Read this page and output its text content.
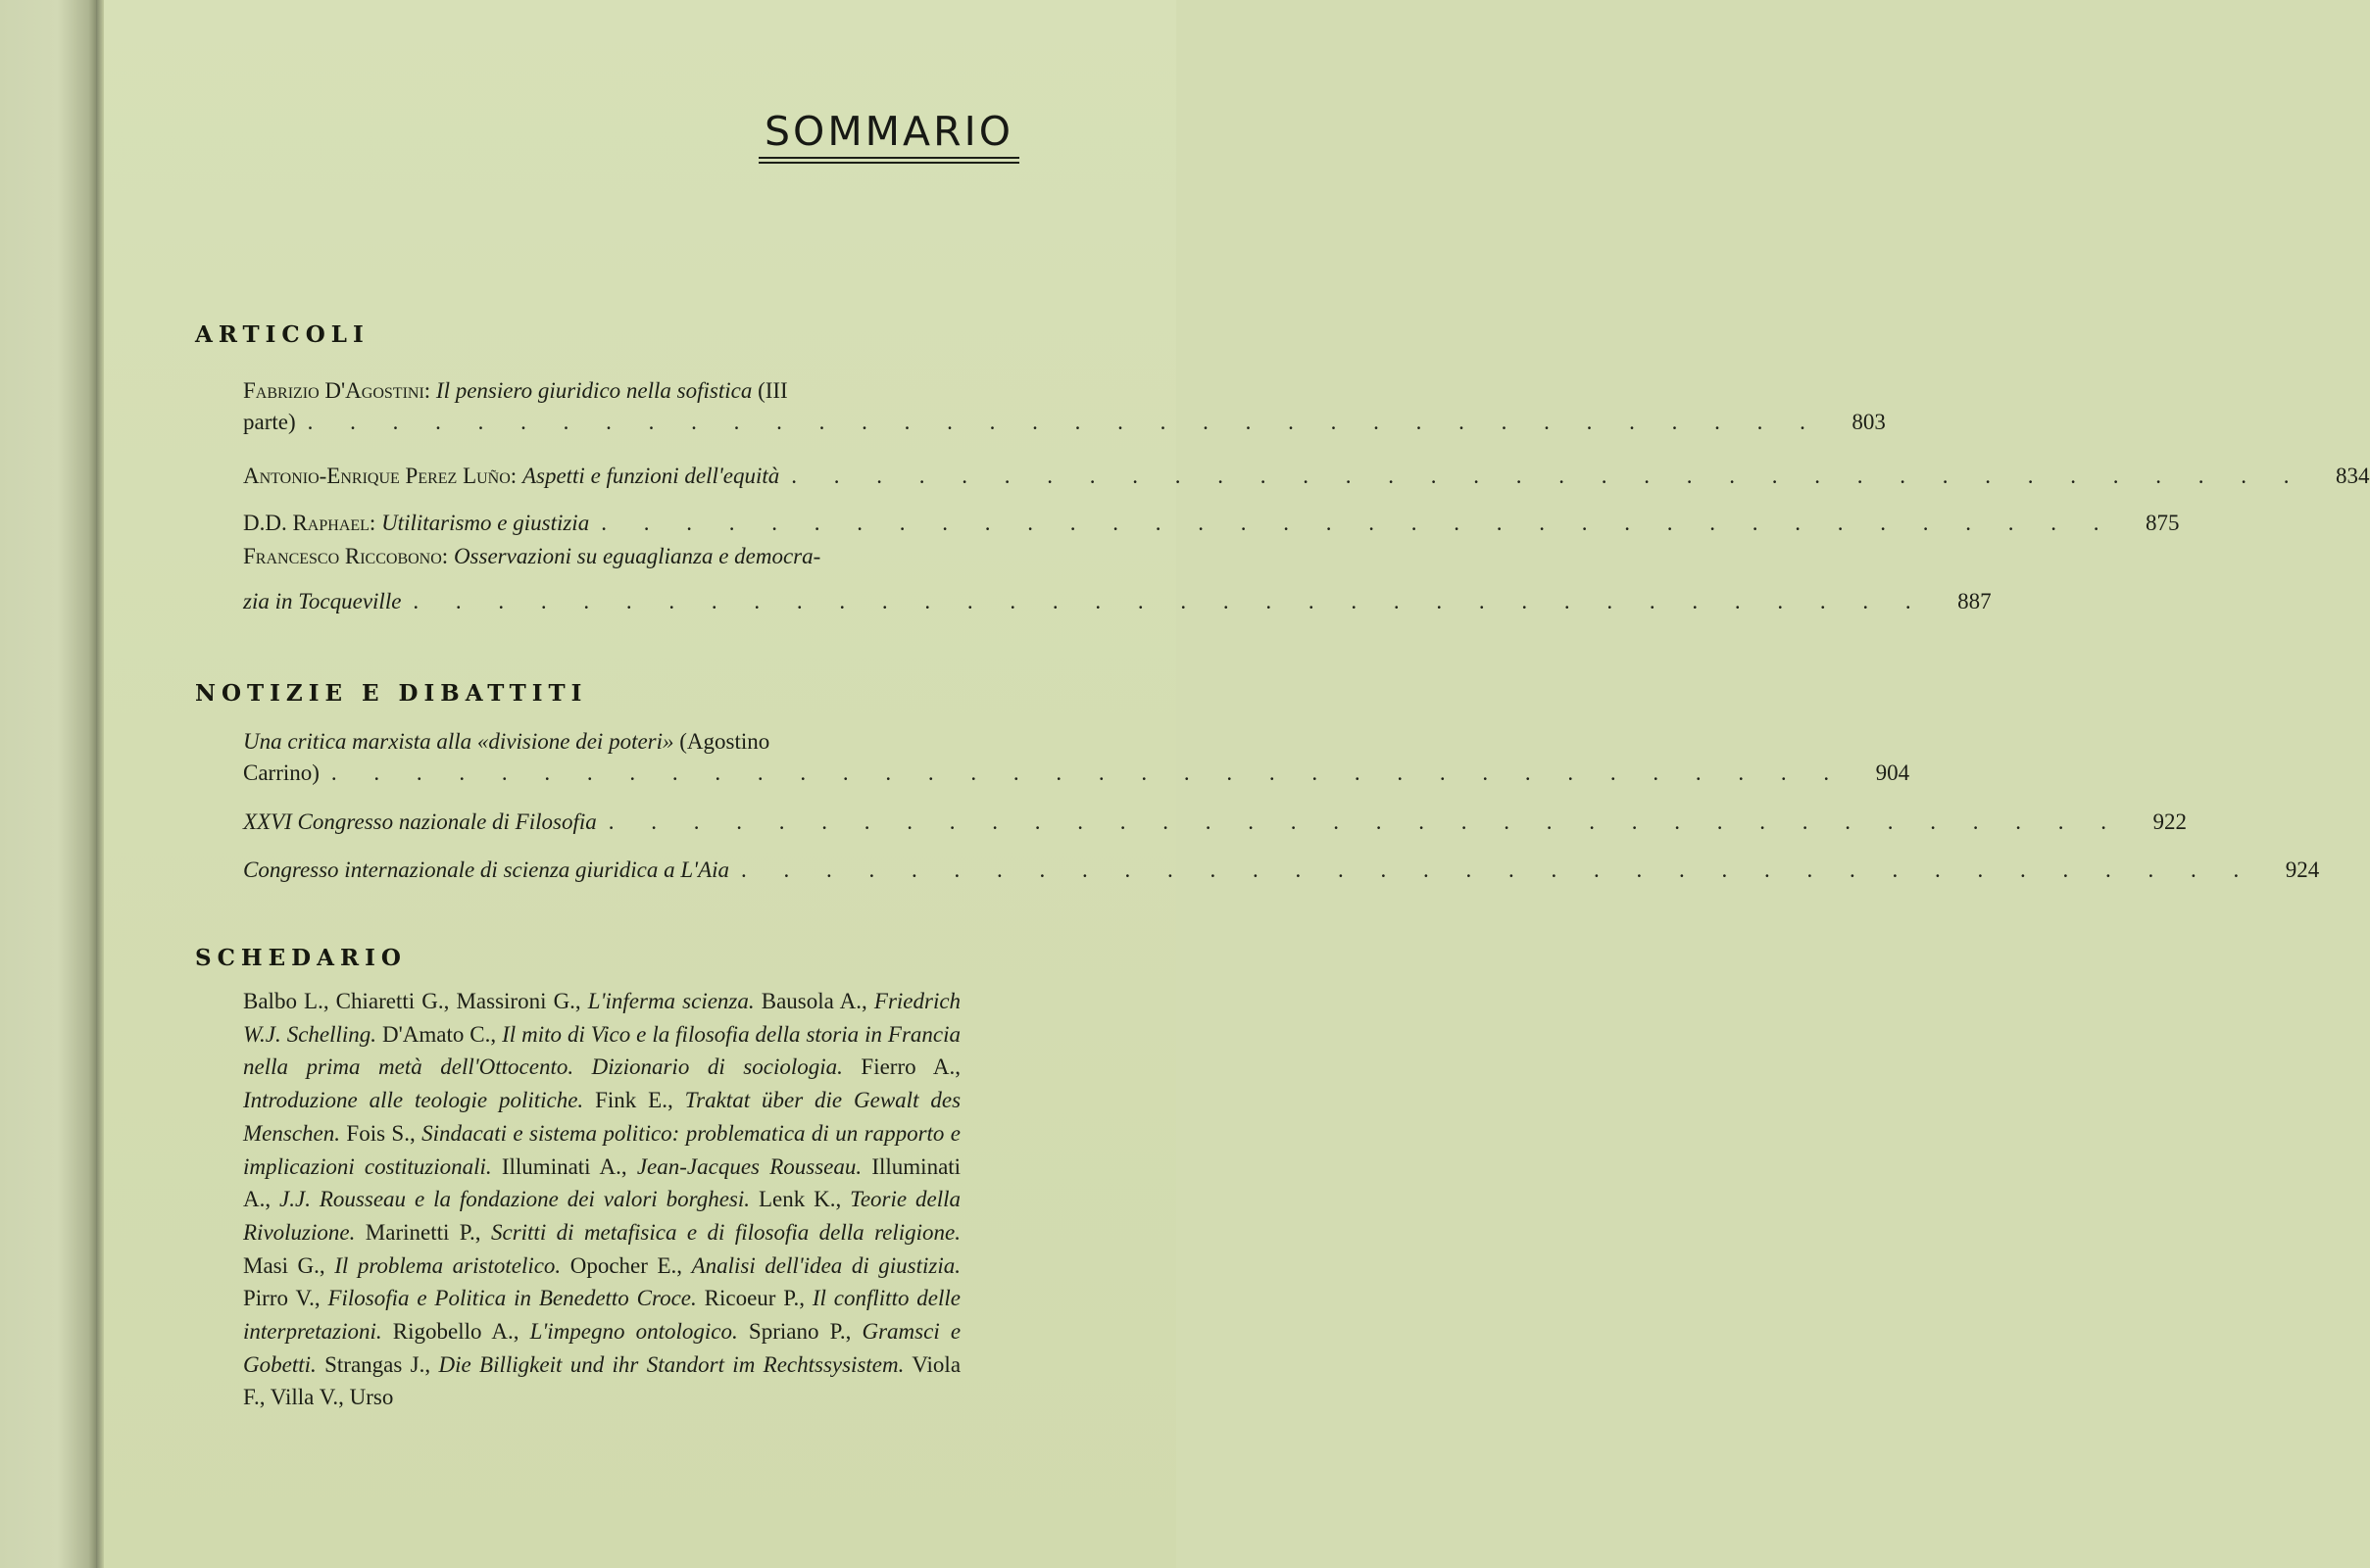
SOMMARIO
ARTICOLI
Fabrizio D'Agostini: Il pensiero giuridico nella sofistica (III
parte) . . . . . . . . . . . . . . . . . . . . . . . . . . . . . . . . . . . .	803
Antonio-Enrique Perez Luño: Aspetti e funzioni dell'equità . . . . . . . . . . . . . . . . . . . . . . . . . . . . . . . . . . . .	834
D.D. Raphael: Utilitarismo e giustizia . . . . . . . . . . . . . . . . . . . . . . . . . . . . . . . . . . . .	875
Francesco Riccobono: Osservazioni su eguaglianza e democra-
zia in Tocqueville . . . . . . . . . . . . . . . . . . . . . . . . . . . . . . . . . . . .	887
NOTIZIE E DIBATTITI
Una critica marxista alla «divisione dei poteri» (Agostino
Carrino) . . . . . . . . . . . . . . . . . . . . . . . . . . . . . . . . . . . .	904
XXVI Congresso nazionale di Filosofia . . . . . . . . . . . . . . . . . . . . . . . . . . . . . . . . . . . .	922
Congresso internazionale di scienza giuridica a L'Aia . . . . . . . . . . . . . . . . . . . . . . . . . . . . . . . . . . . .	924
SCHEDARIO
Balbo L., Chiaretti G., Massironi G., L'inferma scienza. Bausola A., Friedrich W.J. Schelling. D'Amato C., Il mito di Vico e la filosofia della storia in Francia nella prima metà dell'Ottocento. Dizionario di sociologia. Fierro A., Introduzione alle teologie politiche. Fink E., Traktat über die Gewalt des Menschen. Fois S., Sindacati e sistema politico: problematica di un rapporto e implicazioni costituzionali. Illuminati A., Jean-Jacques Rousseau. Illuminati A., J.J. Rousseau e la fondazione dei valori borghesi. Lenk K., Teorie della Rivoluzione. Marinetti P., Scritti di metafisica e di filosofia della religione. Masi G., Il problema aristotelico. Opocher E., Analisi dell'idea di giustizia. Pirro V., Filosofia e Politica in Benedetto Croce. Ricoeur P., Il conflitto delle interpretazioni. Rigobello A., L'impegno ontologico. Spriano P., Gramsci e Gobetti. Strangas J., Die Billigkeit und ihr Standort im Rechtssysistem. Viola F., Villa V., Urso
